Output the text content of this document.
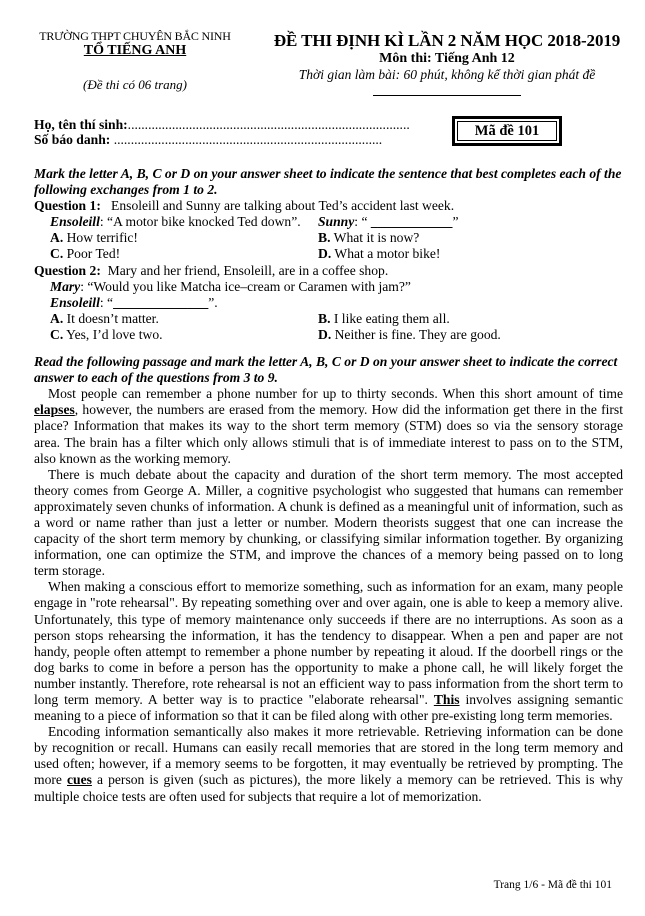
TRƯỜNG THPT CHUYÊN BẮC NINH
TỔ TIẾNG ANH
(Đề thi có 06 trang)
ĐỀ THI ĐỊNH KÌ LẦN 2 NĂM HỌC 2018-2019
Môn thi: Tiếng Anh 12
Thời gian làm bài: 60 phút, không kể thời gian phát đề
Họ, tên thí sinh:...................................................................................
Số báo danh: ...............................................................................
Mã đề 101
Mark the letter A, B, C or D on your answer sheet to indicate the sentence that best completes each of the following exchanges from 1 to 2.
Question 1: Ensoleill and Sunny are talking about Ted’s accident last week.
Ensoleill: “A motor bike knocked Ted down”. Sunny: “ ____________”
A. How terrific!	B. What it is now?
C. Poor Ted!	D. What a motor bike!
Question 2: Mary and her friend, Ensoleill, are in a coffee shop.
Mary: “Would you like Matcha ice–cream or Caramen with jam?”
Ensoleill: “______________”.
A. It doesn’t matter.	B. I like eating them all.
C. Yes, I’d love two.	D. Neither is fine. They are good.
Read the following passage and mark the letter A, B, C or D on your answer sheet to indicate the correct answer to each of the questions from 3 to 9.

Most people can remember a phone number for up to thirty seconds. When this short amount of time elapses, however, the numbers are erased from the memory. How did the information get there in the first place? Information that makes its way to the short term memory (STM) does so via the sensory storage area. The brain has a filter which only allows stimuli that is of immediate interest to pass on to the STM, also known as the working memory.

There is much debate about the capacity and duration of the short term memory. The most accepted theory comes from George A. Miller, a cognitive psychologist who suggested that humans can remember approximately seven chunks of information. A chunk is defined as a meaningful unit of information, such as a word or name rather than just a letter or number. Modern theorists suggest that one can increase the capacity of the short term memory by chunking, or classifying similar information together. By organizing information, one can optimize the STM, and improve the chances of a memory being passed on to long term storage.

When making a conscious effort to memorize something, such as information for an exam, many people engage in "rote rehearsal". By repeating something over and over again, one is able to keep a memory alive. Unfortunately, this type of memory maintenance only succeeds if there are no interruptions. As soon as a person stops rehearsing the information, it has the tendency to disappear. When a pen and paper are not handy, people often attempt to remember a phone number by repeating it aloud. If the doorbell rings or the dog barks to come in before a person has the opportunity to make a phone call, he will likely forget the number instantly. Therefore, rote rehearsal is not an efficient way to pass information from the short term to long term memory. A better way is to practice "elaborate rehearsal". This involves assigning semantic meaning to a piece of information so that it can be filed along with other pre-existing long term memories.

Encoding information semantically also makes it more retrievable. Retrieving information can be done by recognition or recall. Humans can easily recall memories that are stored in the long term memory and used often; however, if a memory seems to be forgotten, it may eventually be retrieved by prompting. The more cues a person is given (such as pictures), the more likely a memory can be retrieved. This is why multiple choice tests are often used for subjects that require a lot of memorization.

Trang 1/6 - Mã đề thi 101
